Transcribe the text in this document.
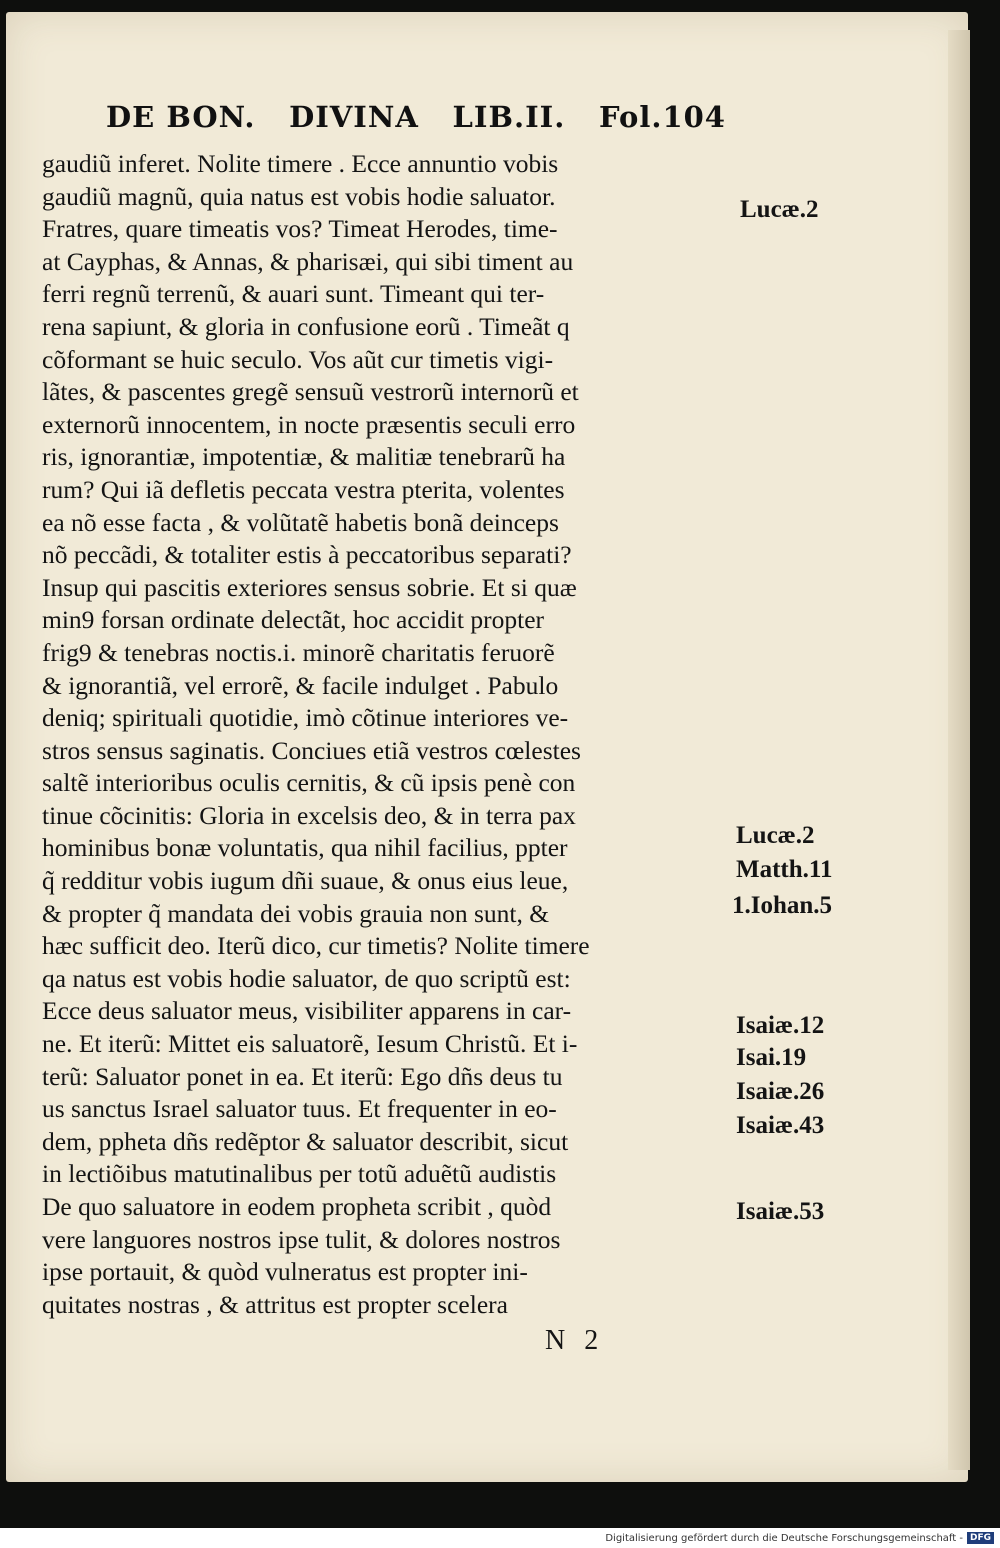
DE BON. DIVINA LIB.II. Fol.104
gaudiũ inferet. Nolite timere . Ecce annuntio vobis
gaudiũ magnũ, quia natus est vobis hodie saluator.
Fratres, quare timeatis vos? Timeat Herodes, time-
at Cayphas, & Annas, & pharisæi, qui sibi timent au
ferri regnũ terrenũ, & auari sunt. Timeant qui ter-
rena sapiunt, & gloria in confusione eorũ . Timeãt q
cõformant se huic seculo. Vos aũt cur timetis vigi-
lãtes, & pascentes gregẽ sensuũ vestrorũ internorũ et
externorũ innocentem, in nocte præsentis seculi erro
ris, ignorantiæ, impotentiæ, & malitiæ tenebrarũ ha
rum? Qui iã defletis peccata vestra pterita, volentes
ea nõ esse facta , & volũtatẽ habetis bonã deinceps
nõ peccãdi, & totaliter estis à peccatoribus separati?
Insup qui pascitis exteriores sensus sobrie. Et si quæ
min9 forsan ordinate delectãt, hoc accidit propter
frig9 & tenebras noctis.i. minorẽ charitatis feruorẽ
& ignorantiã, vel errorẽ, & facile indulget . Pabulo
deniq; spirituali quotidie, imò cõtinue interiores ve-
stros sensus saginatis. Conciues etiã vestros cœlestes
saltẽ interioribus oculis cernitis, & cũ ipsis penè con
tinue cõcinitis: Gloria in excelsis deo, & in terra pax
hominibus bonæ voluntatis, qua nihil facilius, ppter
q̃ redditur vobis iugum dñi suaue, & onus eius leue,
& propter q̃ mandata dei vobis grauia non sunt, &
hæc sufficit deo. Iterũ dico, cur timetis? Nolite timere
qa natus est vobis hodie saluator, de quo scriptũ est:
Ecce deus saluator meus, visibiliter apparens in car-
ne. Et iterũ: Mittet eis saluatorẽ, Iesum Christũ. Et i-
terũ: Saluator ponet in ea. Et iterũ: Ego dñs deus tu
us sanctus Israel saluator tuus. Et frequenter in eo-
dem, ppheta dñs redẽptor & saluator describit, sicut
in lectiõibus matutinalibus per totũ aduẽtũ audistis
De quo saluatore in eodem propheta scribit , quòd
vere languores nostros ipse tulit, & dolores nostros
ipse portauit, & quòd vulneratus est propter ini-
quitates nostras , & attritus est propter scelera
Lucæ.2
Lucæ.2
Matth.11
1.Iohan.5
Isaiæ.12
Isai.19
Isaiæ.26
Isaiæ.43
Isaiæ.53
N 2
Digitalisierung gefördert durch die Deutsche Forschungsgemeinschaft - DFG
